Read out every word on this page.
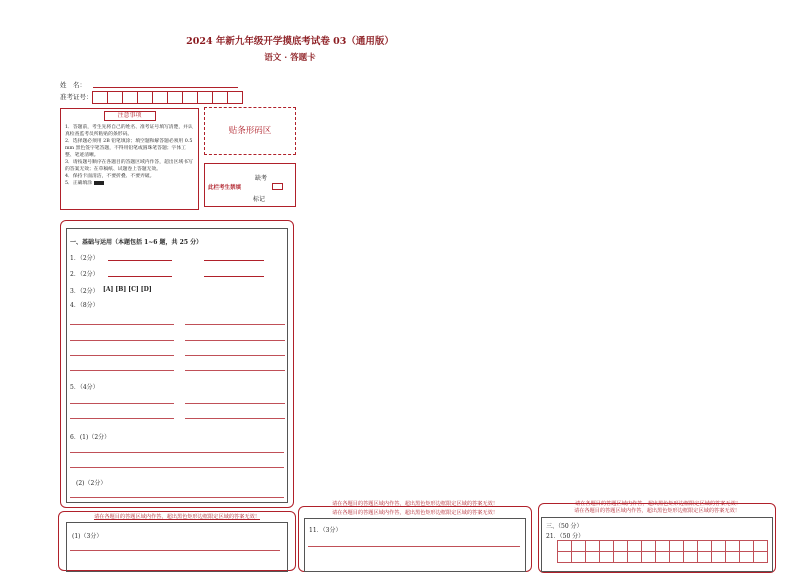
2024 年新九年级开学摸底考试卷 03（通用版）
语文 · 答题卡
姓　名：
准考证号：
注意事项
1．答题前，考生先将自己的姓名、准考证号填写清楚，并认真检查监考员所粘贴的条形码。
2．选择题必须用 2B 铅笔填涂；填空题和解答题必须用 0.5 mm 黑色签字笔答题，不得用铅笔或圆珠笔答题；字体工整、笔迹清晰。
3．请按题号顺序在各题目的答题区域内作答，超出区域书写的答案无效；在草稿纸、试题卷上答题无效。
4．保持卡面清洁，不要折叠、不要弄破。
5．正确填涂
贴条形码区
此栏考生禁填
缺考
标记
一、基础与运用（本题包括 1~6 题，共 25 分）
1．（2分）
2．（2分）
3．（2分） [A] [B] [C] [D]
4．（8分）
5．（4分）
6．(1)（2分）
(2)（2分）
请在各题目的答题区域内作答，超出黑色矩形边框限定区域的答案无效！
(1)（3分）
请在各题目的答题区域内作答，超出黑色矩形边框限定区域的答案无效！
请在各题目的答题区域内作答，超出黑色矩形边框限定区域的答案无效！
11．（3分）
请在各题目的答题区域内作答，超出黑色矩形边框限定区域的答案无效！
请在各题目的答题区域内作答，超出黑色矩形边框限定区域的答案无效！
三、（50 分）
21．（50 分）
